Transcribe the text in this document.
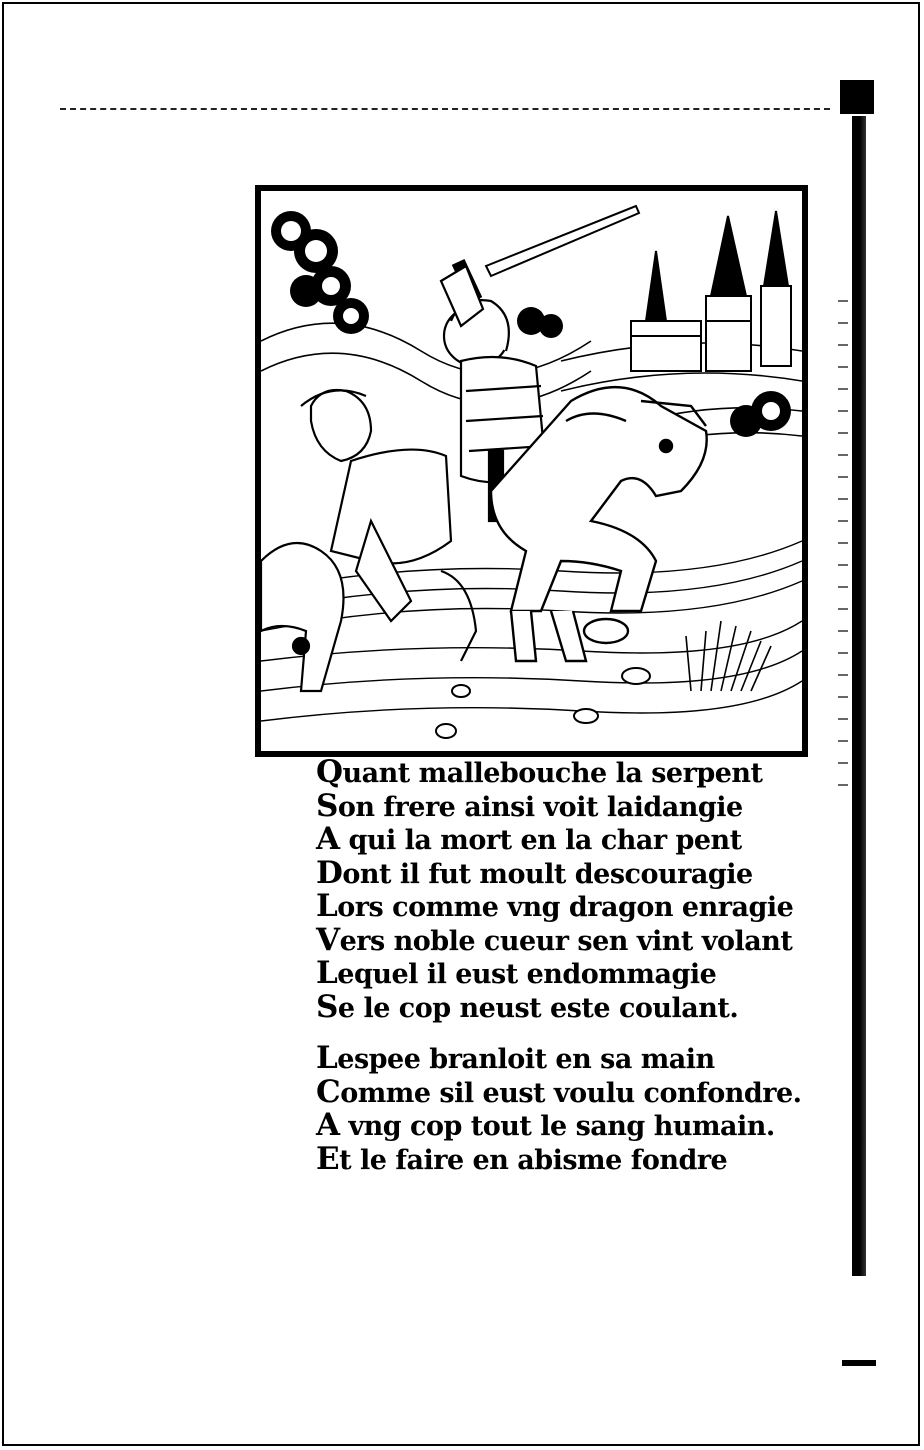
Quant mallebouche la serpent
Son frere ainsi voit laidangie
A qui la mort en la char pent
Dont il fut moult descouragie
Lors comme vng dragon enragie
Vers noble cueur sen vint volant
Lequel il eust endommagie
Se le cop neust este coulant.
Lespee branloit en sa main
Comme sil eust voulu confondre.
A vng cop tout le sang humain.
Et le faire en abisme fondre
